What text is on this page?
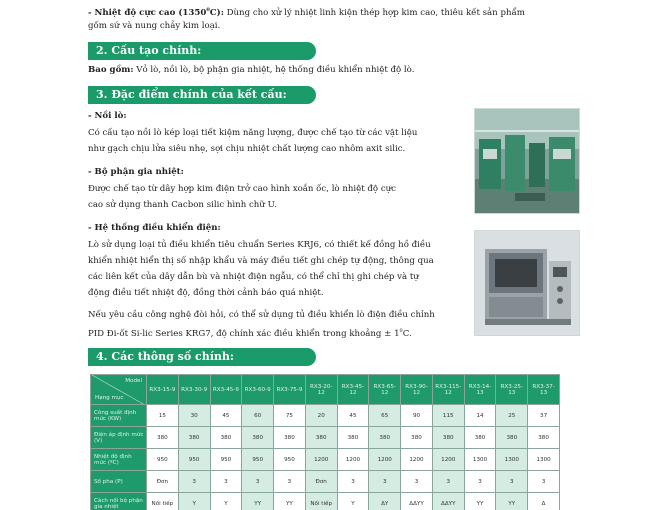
- Nhiệt độ cực cao (1350$^0$C): Dùng cho xử lý nhiệt linh kiện thép hợp kim cao, thiêu kết sản phẩm
gốm sứ và nung chảy kim loại.
2. Cấu tạo chính:
Bao gồm: Vỏ lò, nồi lò, bộ phận gia nhiệt, hệ thống điều khiển nhiệt độ lò.
3. Đặc điểm chính của kết cấu:
- Nồi lò:
Có cấu tạo nồi lò kép loại tiết kiệm năng lượng, được chế tạo từ các vật liệu
như gạch chịu lửa siêu nhẹ, sợi chịu nhiệt chất lượng cao nhôm axit silic.
- Bộ phận gia nhiệt:
Được chế tạo từ dây hợp kim điện trở cao hình xoắn ốc, lò nhiệt độ cực
cao sử dụng thanh Cacbon silic hình chữ U.
- Hệ thống điều khiển điện:
Lò sử dụng loại tủ điều khiển tiêu chuẩn Series KRJ6, có thiết kế đồng hồ điều
khiển nhiệt hiển thị số nhập khẩu và máy điều tiết ghi chép tự động, thông qua
các liên kết của dây dẫn bù và nhiệt điện ngẫu, có thể chỉ thị ghi chép và tự
động điều tiết nhiệt độ, đồng thời cảnh báo quá nhiệt.
Nếu yêu cầu công nghệ đòi hỏi, có thể sử dụng tủ điều khiển lò điện điều chỉnh
PID Đi-ốt Si-lic Series KRG7, độ chính xác điều khiển trong khoảng ± $1^0C$.
4. Các thông số chính:
Model
Hạng mục	RX3-15-9	RX3-30-9	RX3-45-9	RX3-60-9	RX3-75-9	RX3-20-12	RX3-45-12	RX3-65-12	RX3-90-12	RX3-115-12	RX3-14-13	RX3-25-13	RX3-37-13
Công suất định mức (KW)	15	30	45	60	75	20	45	65	90	115	14	25	37
Điện áp định mức (V)	380	380	380	380	380	380	380	380	380	380	380	380	380
Nhiệt độ định mức (ºC)	950	950	950	950	950	1200	1200	1200	1200	1200	1300	1300	1300
Số pha (P)	Đơn	3	3	3	3	Đơn	3	3	3	3	3	3	3
Cách nối bộ phận gia nhiệt	Nối tiếp	Y	Y	YY	YY	Nối tiếp	Y	ΔY	ΔΔYY	ΔΔYY	YY	YY	Δ
